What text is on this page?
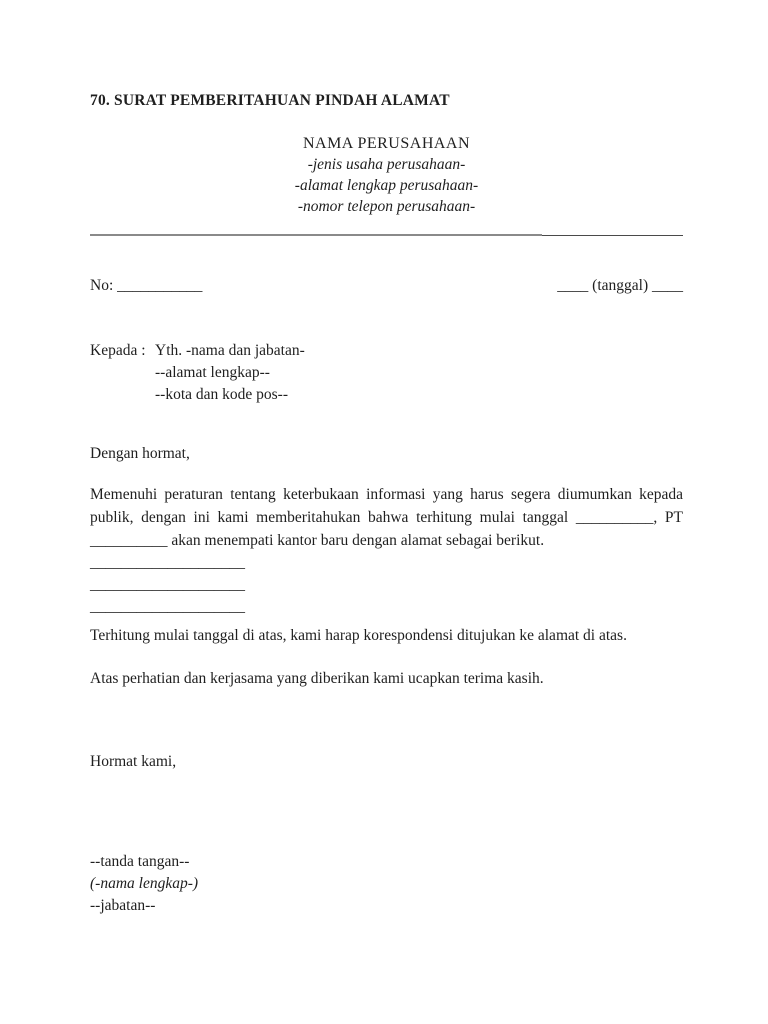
70. SURAT PEMBERITAHUAN PINDAH ALAMAT
NAMA PERUSAHAAN
-jenis usaha perusahaan-
-alamat lengkap perusahaan-
-nomor telepon perusahaan-
No: ___________	____ (tanggal) ____
Kepada : Yth. -nama dan jabatan-
--alamat lengkap--
--kota dan kode pos--
Dengan hormat,
Memenuhi peraturan tentang keterbukaan informasi yang harus segera diumumkan kepada publik, dengan ini kami memberitahukan bahwa terhitung mulai tanggal __________, PT __________ akan menempati kantor baru dengan alamat sebagai berikut.
____________________
____________________
____________________
Terhitung mulai tanggal di atas, kami harap korespondensi ditujukan ke alamat di atas.
Atas perhatian dan kerjasama yang diberikan kami ucapkan terima kasih.
Hormat kami,
--tanda tangan--
(-nama lengkap-)
--jabatan--
